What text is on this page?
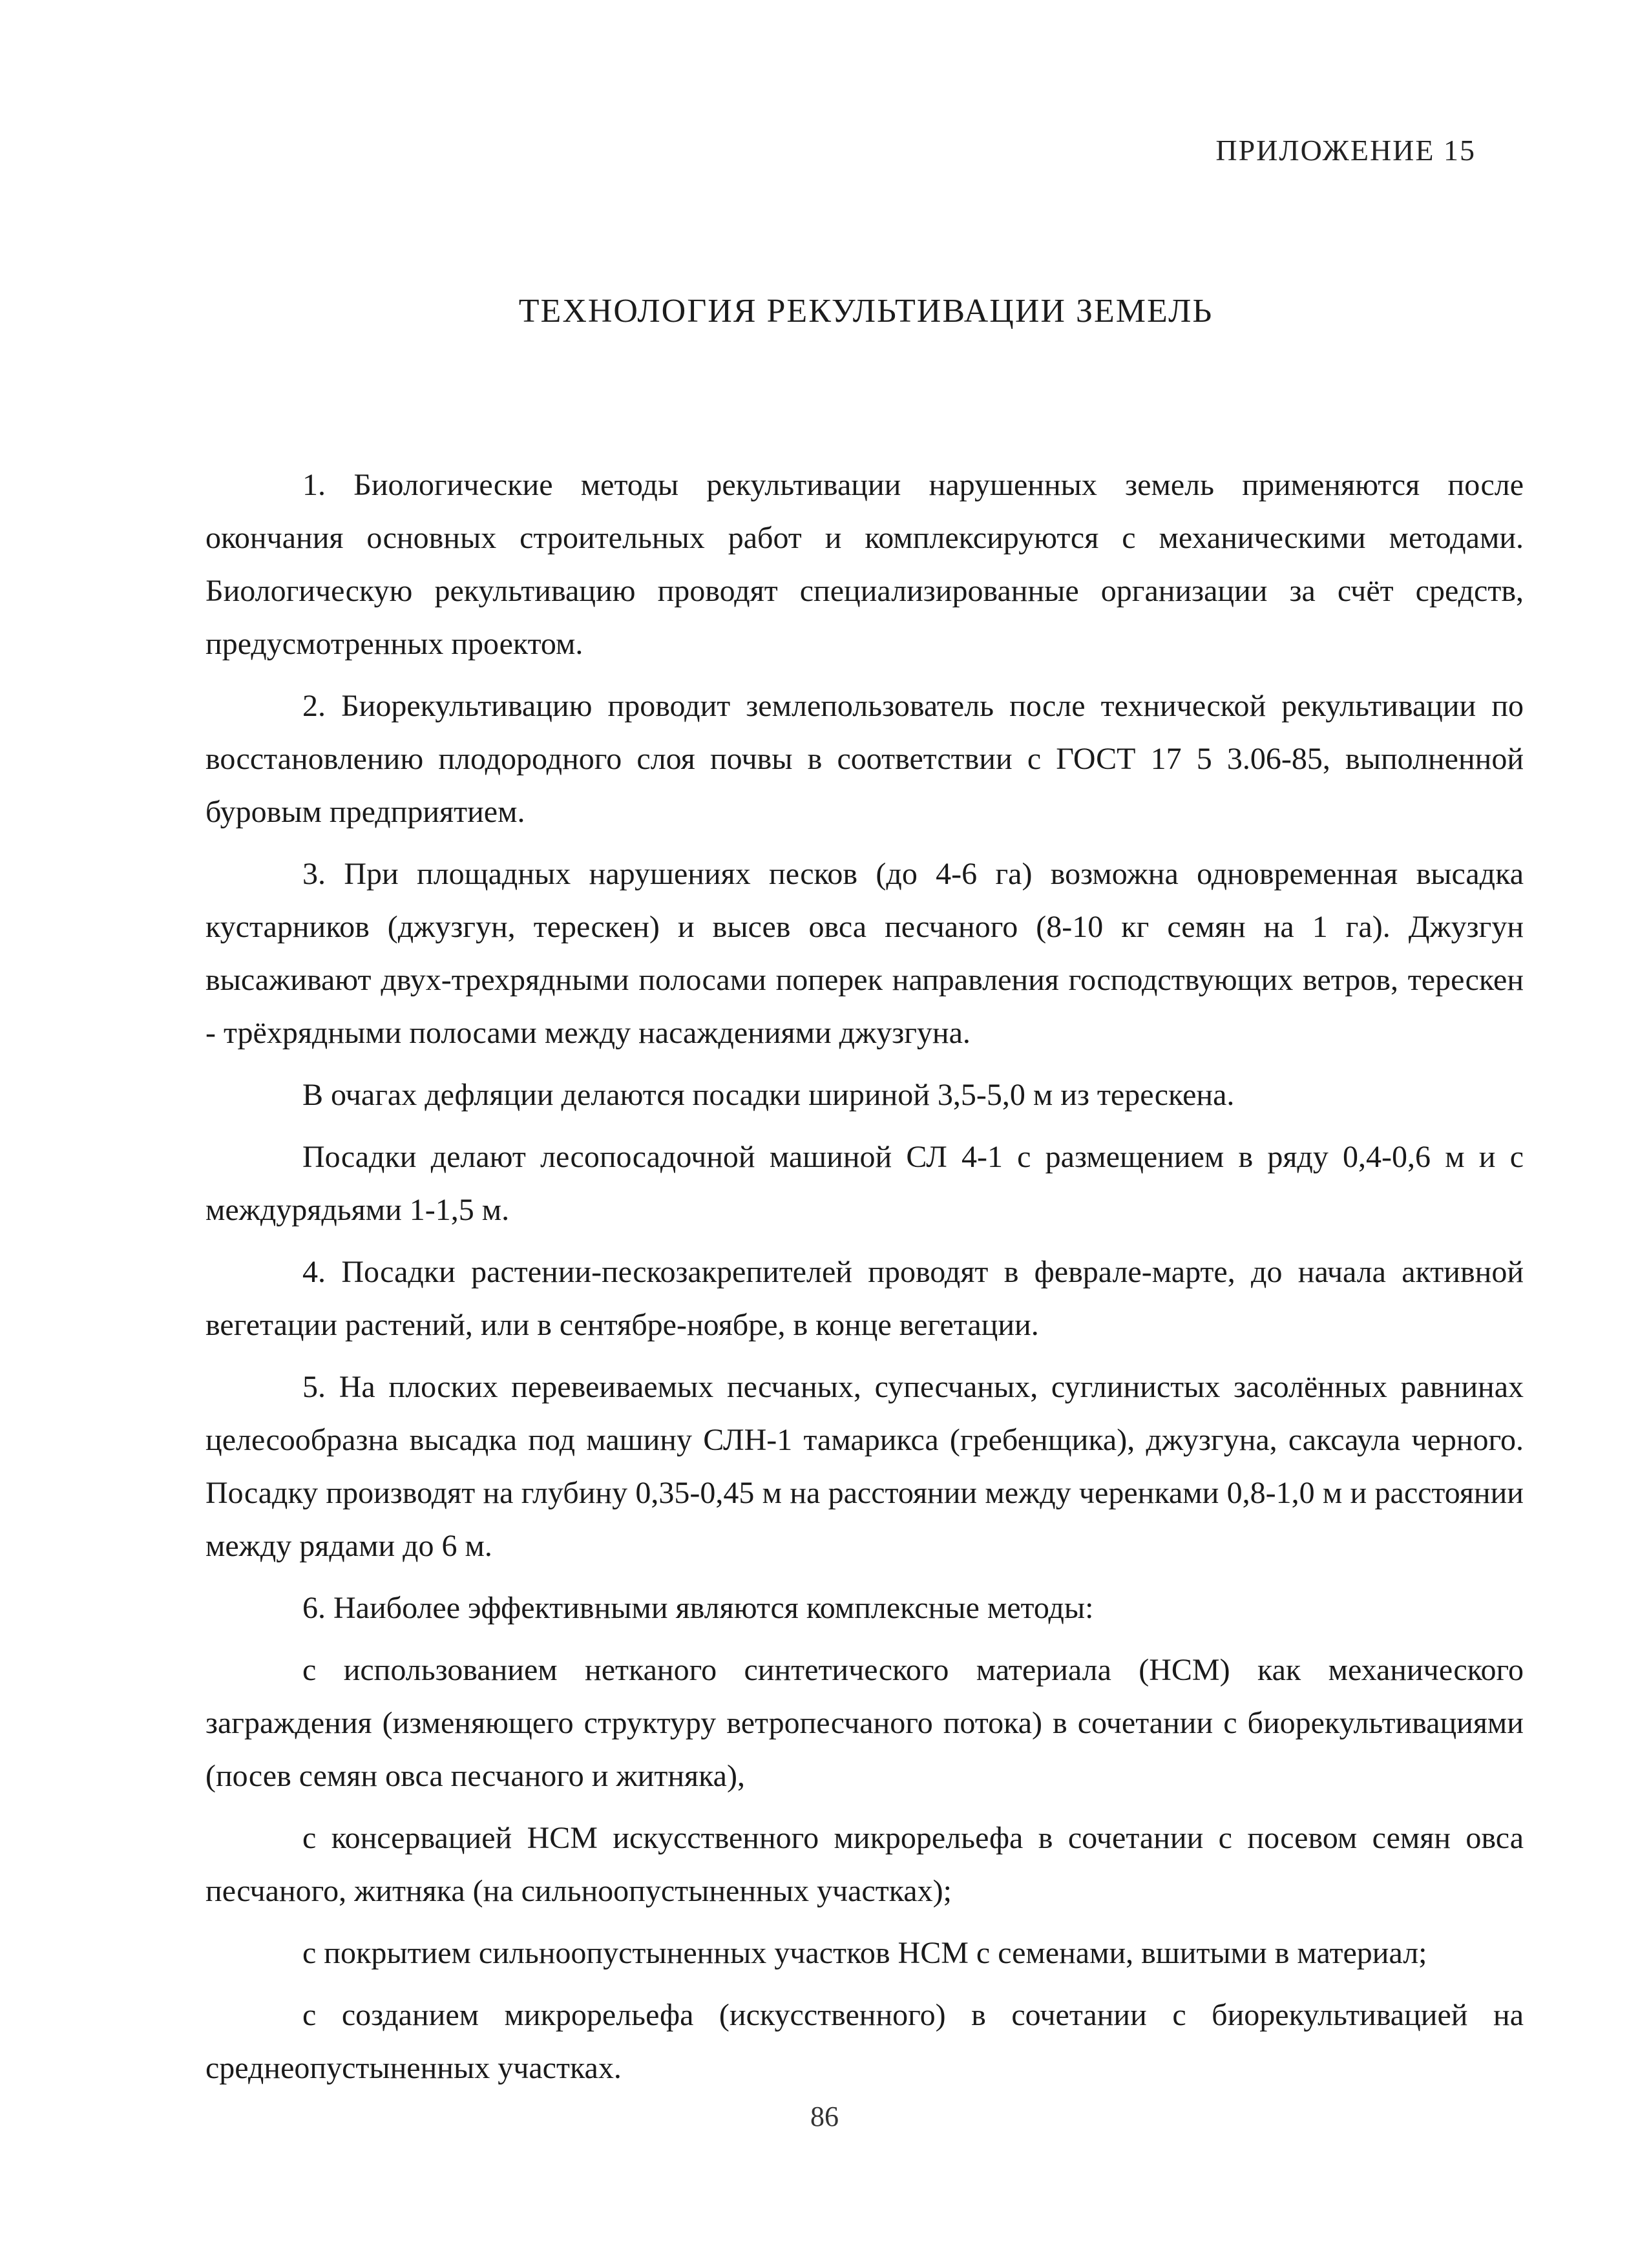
ПРИЛОЖЕНИЕ 15
ТЕХНОЛОГИЯ РЕКУЛЬТИВАЦИИ ЗЕМЕЛЬ

1. Биологические методы рекультивации нарушенных земель применяются после окончания основных строительных работ и комплексируются с механическими методами. Биологическую рекультивацию проводят специализированные организации за счёт средств, предусмотренных проектом.

2. Биорекультивацию проводит землепользователь после технической рекультивации по восстановлению плодородного слоя почвы в соответствии с ГОСТ 17 5 3.06-85, выполненной буровым предприятием.

3. При площадных нарушениях песков (до 4-6 га) возможна одновременная высадка кустарников (джузгун, терескен) и высев овса песчаного (8-10 кг семян на 1 га). Джузгун высаживают двух-трехрядными полосами поперек направления господствующих ветров, терескен - трёхрядными полосами между насаждениями джузгуна.

В очагах дефляции делаются посадки шириной 3,5-5,0 м из терескена.

Посадки делают лесопосадочной машиной СЛ 4-1 с размещением в ряду 0,4-0,6 м и с междурядьями 1-1,5 м.

4. Посадки растении-пескозакрепителей проводят в феврале-марте, до начала активной вегетации растений, или в сентябре-ноябре, в конце вегетации.

5. На плоских перевеиваемых песчаных, супесчаных, суглинистых засолённых равнинах целесообразна высадка под машину СЛН-1 тамарикса (гребенщика), джузгуна, саксаула черного. Посадку производят на глубину 0,35-0,45 м на расстоянии между черенками 0,8-1,0 м и расстоянии между рядами до 6 м.

6. Наиболее эффективными являются комплексные методы:

с использованием нетканого синтетического материала (НСМ) как механического заграждения (изменяющего структуру ветропесчаного потока) в сочетании с биорекультивациями (посев семян овса песчаного и житняка),

с консервацией НСМ искусственного микрорельефа в сочетании с посевом семян овса песчаного, житняка (на сильноопустыненных участках);

с покрытием сильноопустыненных участков НСМ с семенами, вшитыми в материал;

с созданием микрорельефа (искусственного) в сочетании с биорекультивацией на среднеопустыненных участках.

86
